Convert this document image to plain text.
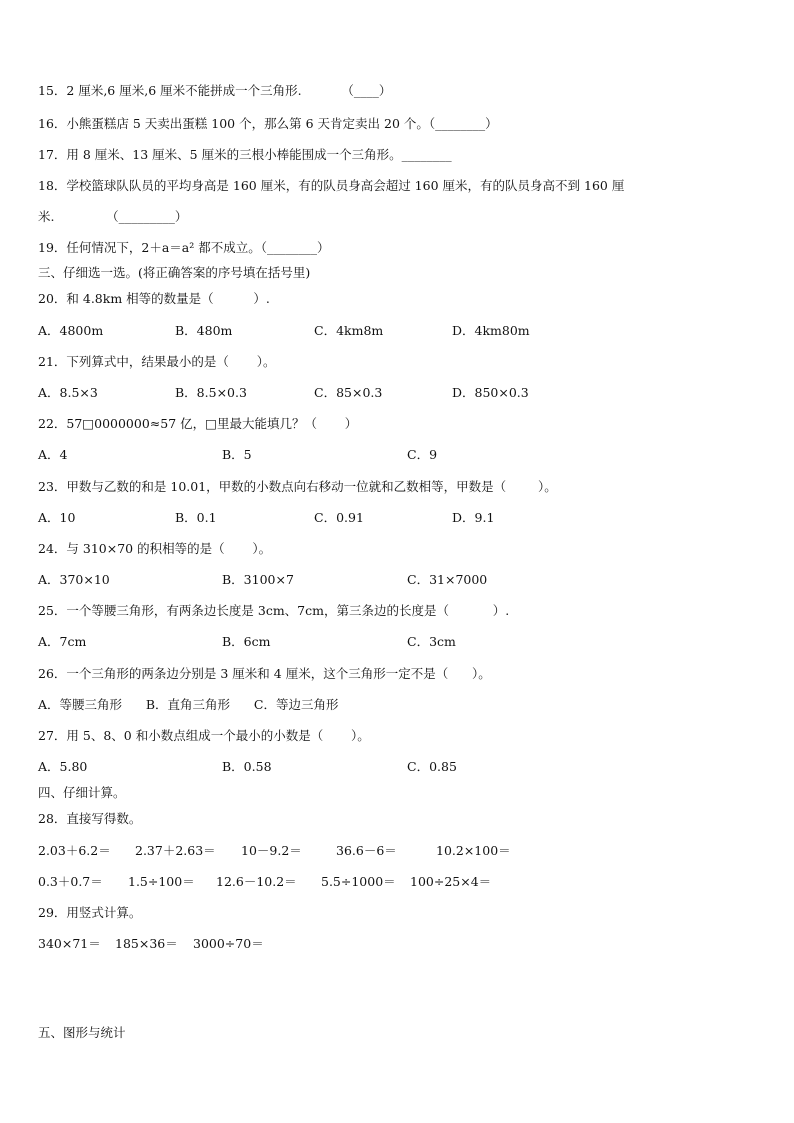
15．2 厘米,6 厘米,6 厘米不能拼成一个三角形.          （____）
16．小熊蛋糕店 5 天卖出蛋糕 100 个，那么第 6 天肯定卖出 20 个。（________）
17．用 8 厘米、13 厘米、5 厘米的三根小棒能围成一个三角形。________
18．学校篮球队队员的平均身高是 160 厘米，有的队员身高会超过 160 厘米，有的队员身高不到 160 厘
米.             （_________）
19．任何情况下，2＋a＝a² 都不成立。（________）
三、仔细选一选。(将正确答案的序号填在括号里)
20．和 4.8km 相等的数量是（          ）.
A．4800m	B．480m	C．4km8m	D．4km80m
21．下列算式中，结果最小的是（       ）。
A．8.5×3	B．8.5×0.3	C．85×0.3	D．850×0.3
22．57□0000000≈57 亿，□里最大能填几？（       ）
A．4	B．5	C．9
23．甲数与乙数的和是 10.01，甲数的小数点向右移动一位就和乙数相等，甲数是（        ）。
A．10	B．0.1	C．0.91	D．9.1
24．与 310×70 的积相等的是（       ）。
A．370×10	B．3100×7	C．31×7000
25．一个等腰三角形，有两条边长度是 3cm、7cm，第三条边的长度是（           ）.
A．7cm	B．6cm	C．3cm
26．一个三角形的两条边分别是 3 厘米和 4 厘米，这个三角形一定不是（      ）。
A．等腰三角形      B．直角三角形      C．等边三角形
27．用 5、8、0 和小数点组成一个最小的小数是（       ）。
A．5.80	B．0.58	C．0.85
四、仔细计算。
28．直接写得数。
2.03＋6.2＝ 2.37＋2.63＝ 10－9.2＝	36.6－6＝	10.2×100＝
0.3＋0.7＝ 1.5÷100＝ 12.6－10.2＝ 5.5÷1000＝ 100÷25×4＝
29．用竖式计算。
340×71＝ 185×36＝ 3000÷70＝
五、图形与统计
